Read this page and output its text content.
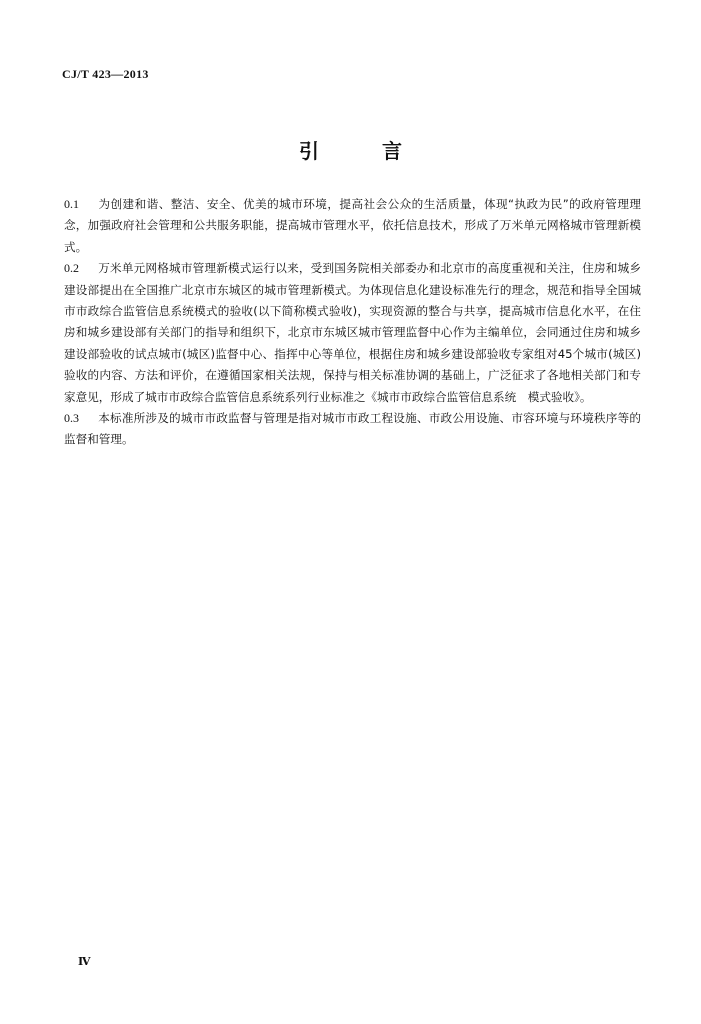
CJ/T 423—2013
引 言

0.1 为创建和谐、整洁、安全、优美的城市环境，提高社会公众的生活质量，体现“执政为民”的政府管理理念，加强政府社会管理和公共服务职能，提高城市管理水平，依托信息技术，形成了万米单元网格城市管理新模式。

0.2 万米单元网格城市管理新模式运行以来，受到国务院相关部委办和北京市的高度重视和关注，住房和城乡建设部提出在全国推广北京市东城区的城市管理新模式。为体现信息化建设标准先行的理念，规范和指导全国城市市政综合监管信息系统模式的验收(以下简称模式验收)，实现资源的整合与共享，提高城市信息化水平，在住房和城乡建设部有关部门的指导和组织下，北京市东城区城市管理监督中心作为主编单位，会同通过住房和城乡建设部验收的试点城市(城区)监督中心、指挥中心等单位，根据住房和城乡建设部验收专家组对45个城市(城区)验收的内容、方法和评价，在遵循国家相关法规，保持与相关标准协调的基础上，广泛征求了各地相关部门和专家意见，形成了城市市政综合监管信息系统系列行业标准之《城市市政综合监管信息系统　模式验收》。

0.3 本标准所涉及的城市市政监督与管理是指对城市市政工程设施、市政公用设施、市容环境与环境秩序等的监督和管理。

Ⅳ
